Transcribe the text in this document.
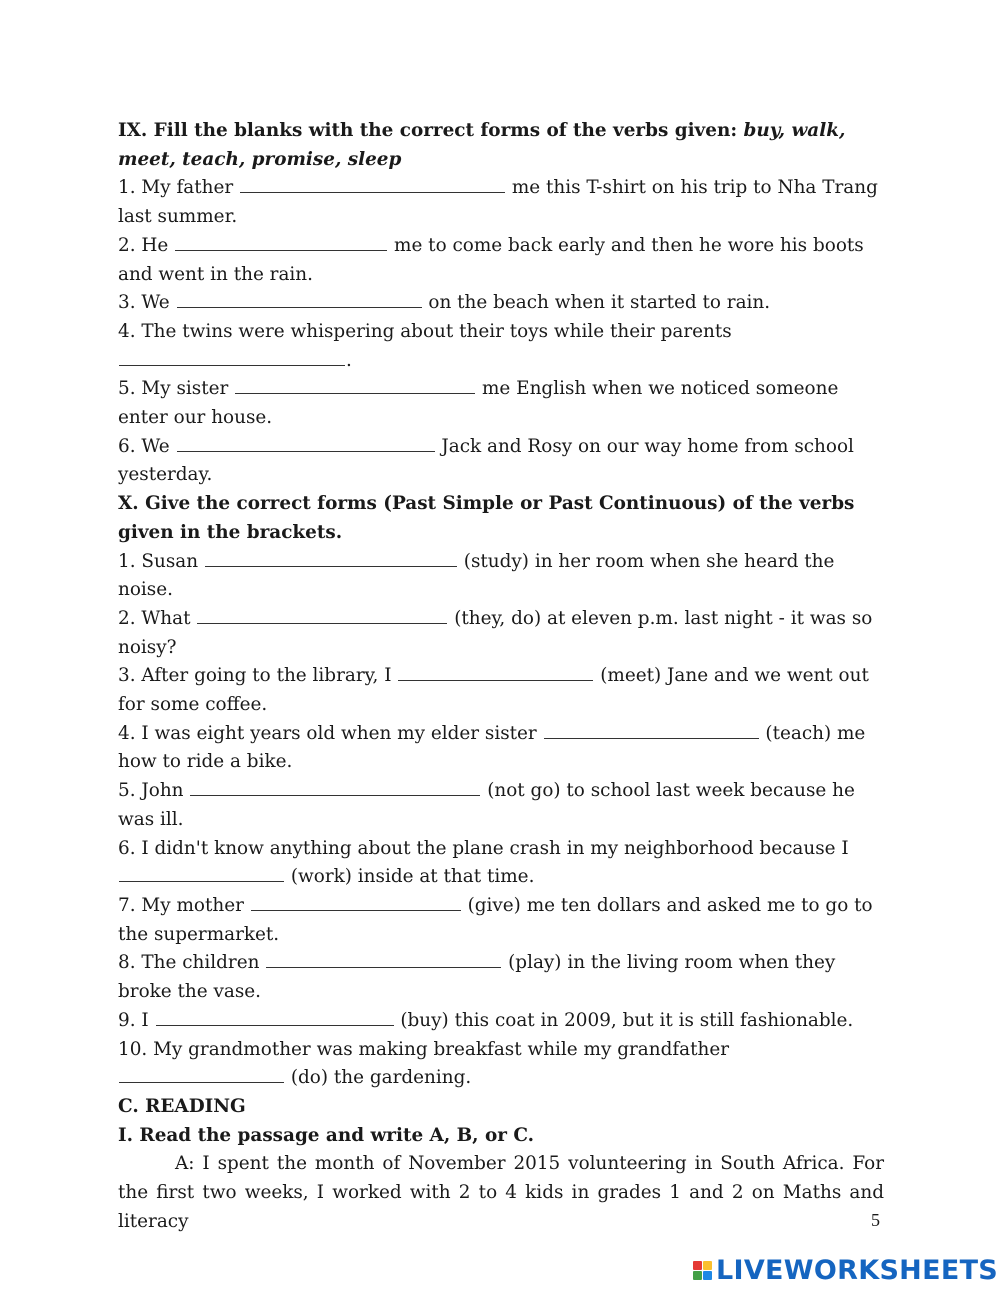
IX. Fill the blanks with the correct forms of the verbs given: buy, walk, meet, teach, promise, sleep
1. My father	me this T-shirt on his trip to Nha Trang last summer.
2. He	me to come back early and then he wore his boots and went in the rain.
3. We	on the beach when it started to rain.
4. The twins were whispering about their toys while their parents .
5. My sister	me English when we noticed someone enter our house.
6. We	Jack and Rosy on our way home from school yesterday.
X. Give the correct forms (Past Simple or Past Continuous) of the verbs given in the brackets.
1. Susan	(study) in her room when she heard the noise.
2. What	(they, do) at eleven p.m. last night - it was so noisy?
3. After going to the library, I	(meet) Jane and we went out for some coffee.
4. I was eight years old when my elder sister	(teach) me how to ride a bike.
5. John	(not go) to school last week because he was ill.
6. I didn't know anything about the plane crash in my neighborhood because I  (work) inside at that time.
7. My mother	(give) me ten dollars and asked me to go to the supermarket.
8. The children	(play) in the living room when they broke the vase.
9. I	(buy) this coat in 2009, but it is still fashionable.
10. My grandmother was making breakfast while my grandfather  (do) the gardening.
C. READING
I. Read the passage and write A, B, or C.
A: I spent the month of November 2015 volunteering in South Africa. For the first two weeks, I worked with 2 to 4 kids in grades 1 and 2 on Maths and literacy	5
LIVEWORKSHEETS
